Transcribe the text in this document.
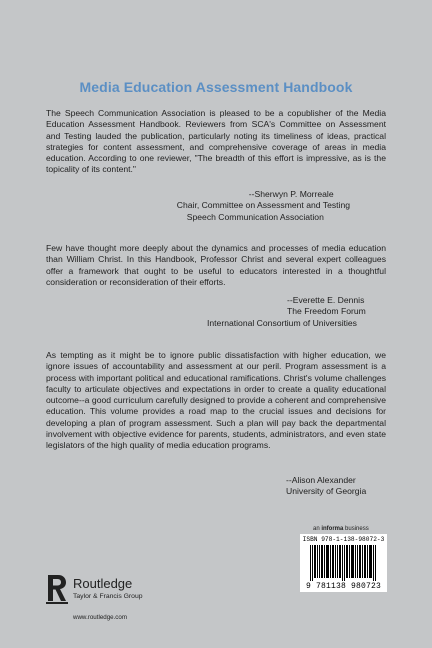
Media Education Assessment Handbook
The Speech Communication Association is pleased to be a copublisher of the Media Education Assessment Handbook. Reviewers from SCA's Committee on Assessment and Testing lauded the publication, particularly noting its timeliness of ideas, practical strategies for content assessment, and comprehensive coverage of areas in media education. According to one reviewer, "The breadth of this effort is impressive, as is the topicality of its content."
--Sherwyn P. Morreale
Chair, Committee on Assessment and Testing
Speech Communication Association
Few have thought more deeply about the dynamics and processes of media education than William Christ. In this Handbook, Professor Christ and several expert colleagues offer a framework that ought to be useful to educators interested in a thoughtful consideration or reconsideration of their efforts.
--Everette E. Dennis
The Freedom Forum
International Consortium of Universities
As tempting as it might be to ignore public dissatisfaction with higher education, we ignore issues of accountability and assessment at our peril. Program assessment is a process with important political and educational ramifications. Christ's volume challenges faculty to articulate objectives and expectations in order to create a quality educational outcome--a good curriculum carefully designed to provide a coherent and comprehensive education. This volume provides a road map to the crucial issues and decisions for developing a plan of program assessment. Such a plan will pay back the departmental involvement with objective evidence for parents, students, administrators, and even state legislators of the high quality of media education programs.
--Alison Alexander
University of Georgia
an informa business
ISBN 978-1-138-98072-3
9 781138 980723
Routledge
Taylor & Francis Group
www.routledge.com
